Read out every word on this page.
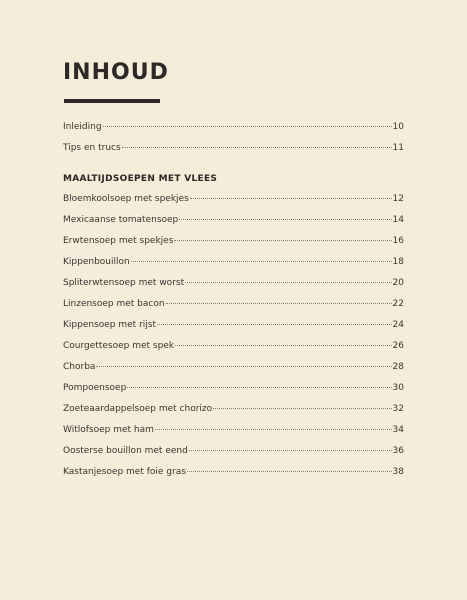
INHOUD
Inleiding	10
Tips en trucs	11
MAALTIJDSOEPEN MET VLEES
Bloemkoolsoep met spekjes	12
Mexicaanse tomatensoep	14
Erwtensoep met spekjes	16
Kippenbouillon	18
Spliterwtensoep met worst	20
Linzensoep met bacon	22
Kippensoep met rijst	24
Courgettesoep met spek	26
Chorba	28
Pompoensoep	30
Zoeteaardappelsoep met chorizo	32
Witlofsoep met ham	34
Oosterse bouillon met eend	36
Kastanjesoep met foie gras	38
